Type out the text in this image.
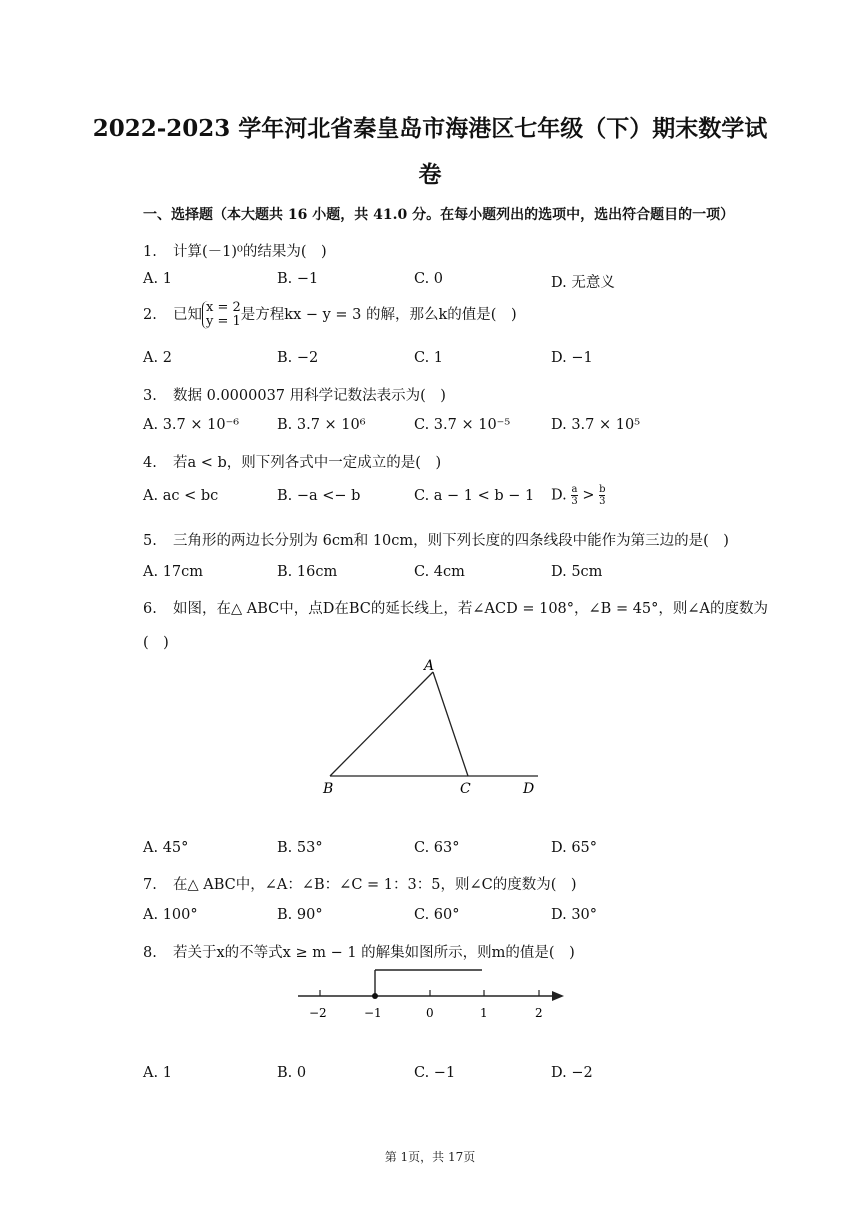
2022-2023 学年河北省秦皇岛市海港区七年级（下）期末数学试
卷
一、选择题（本大题共 16 小题，共 41.0 分。在每小题列出的选项中，选出符合题目的一项）
1. 计算(－1)⁰的结果为(　)
A. 1	B. −1	C. 0	D. 无意义
2. 已知 x = 2
y = 1 是方程kx − y = 3 的解，那么k的值是(　)
A. 2	B. −2	C. 1	D. −1
3. 数据 0.0000037 用科学记数法表示为(　)
A. 3.7 × 10⁻⁶	B. 3.7 × 10⁶	C. 3.7 × 10⁻⁵	D. 3.7 × 10⁵
4. 若a < b，则下列各式中一定成立的是(　)
A. ac < bc	B. −a <− b	C. a − 1 < b − 1 D. $\frac{a}{3} > \frac{b}{3}$
5. 三角形的两边长分别为 6cm和 10cm，则下列长度的四条线段中能作为第三边的是(　)
A. 17cm	B. 16cm	C. 4cm	D. 5cm
6. 如图，在△ ABC中，点D在BC的延长线上，若∠ACD = 108°，∠B = 45°，则∠A的度数为
(　)
A
B	C	D
A. 45°	B. 53°	C. 63°	D. 65°
7. 在△ ABC中，∠A：∠B：∠C = 1：3：5，则∠C的度数为(　)
A. 100°	B. 90°	C. 60°	D. 30°
8. 若关于x的不等式x ≥ m − 1 的解集如图所示，则m的值是(　)
−2	−1	0	1	2
A. 1	B. 0	C. −1	D. −2
第 1页，共 17页
